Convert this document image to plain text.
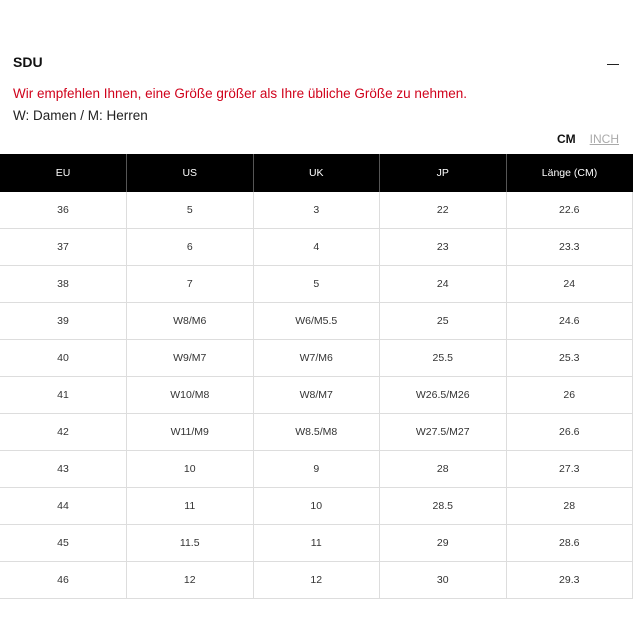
SDU
Wir empfehlen Ihnen, eine Größe größer als Ihre übliche Größe zu nehmen.
W: Damen / M: Herren
CM INCH
EU	US	UK	JP	Länge (CM)
36	5	3	22	22.6
37	6	4	23	23.3
38	7	5	24	24
39	W8/M6	W6/M5.5	25	24.6
40	W9/M7	W7/M6	25.5	25.3
41	W10/M8	W8/M7	W26.5/M26	26
42	W11/M9	W8.5/M8	W27.5/M27	26.6
43	10	9	28	27.3
44	11	10	28.5	28
45	11.5	11	29	28.6
46	12	12	30	29.3
